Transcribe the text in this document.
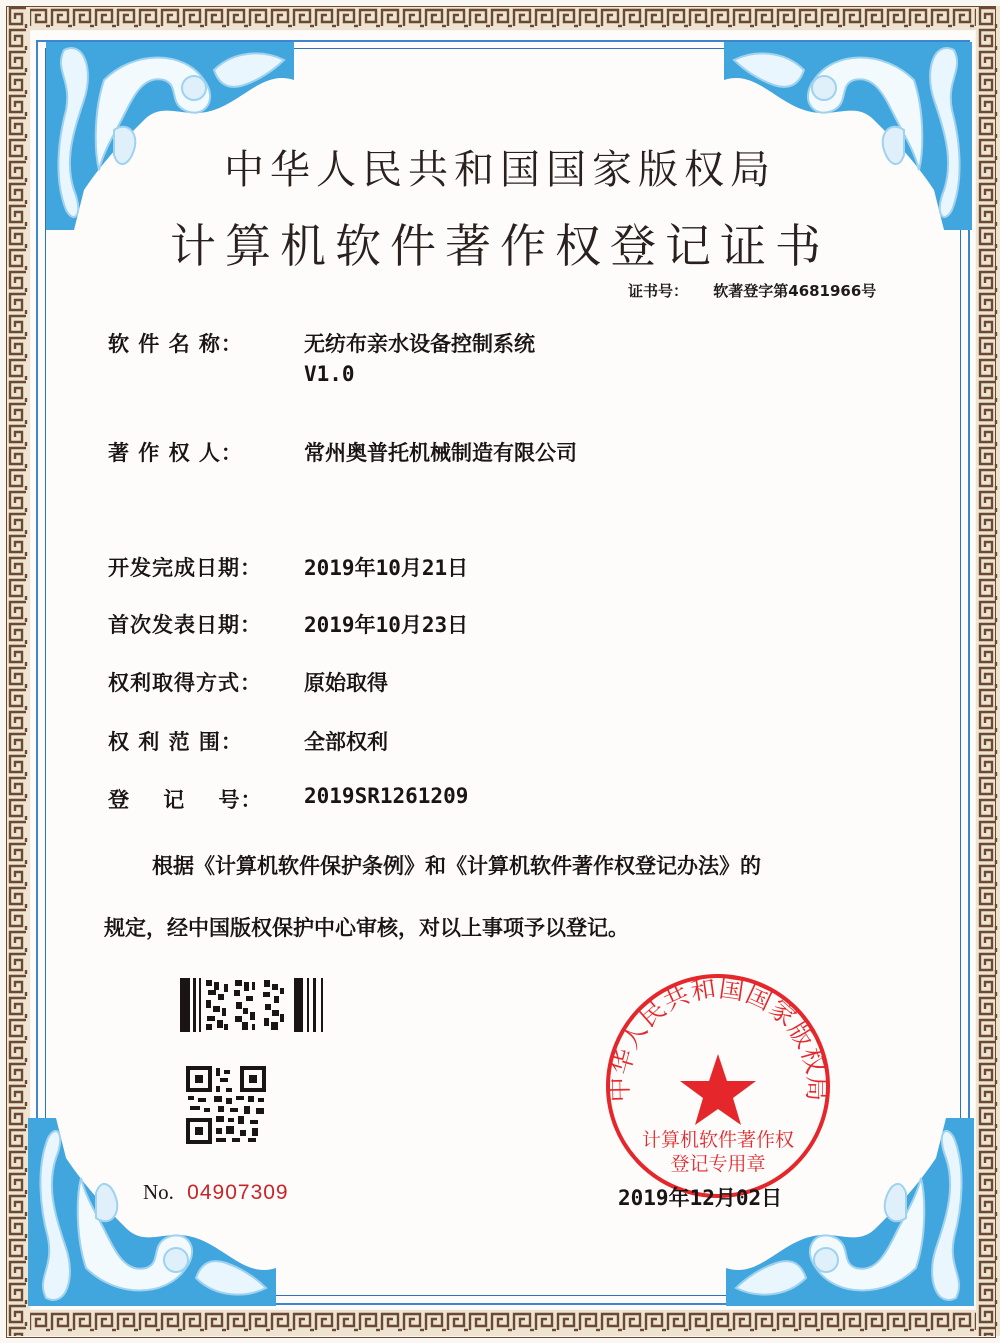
中华人民共和国国家版权局
计算机软件著作权登记证书
证书号： 软著登字第4681966号
软 件 名 称：	无纺布亲水设备控制系统
V1.0
著 作 权 人：	常州奥普托机械制造有限公司
开发完成日期：	2019年10月21日
首次发表日期：	2019年10月23日
权利取得方式：	原始取得
权 利 范 围：	全部权利
登    记    号：	2019SR1261209
根据《计算机软件保护条例》和《计算机软件著作权登记办法》的
规定，经中国版权保护中心审核，对以上事项予以登记。
No. 04907309
中华人民共和国国家版权局
计算机软件著作权
登记专用章
2019年12月02日
